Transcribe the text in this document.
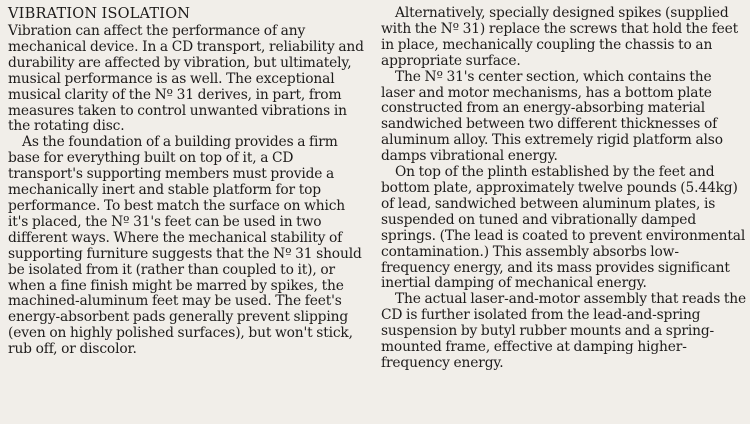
VIBRATION ISOLATION

Vibration can affect the performance of any mechanical device. In a CD transport, reliability and durability are affected by vibration, but ultimately, musical performance is as well. The exceptional musical clarity of the Nº 31 derives, in part, from measures taken to control unwanted vibrations in the rotating disc.

As the foundation of a building provides a firm base for everything built on top of it, a CD transport's supporting members must provide a mechanically inert and stable platform for top performance. To best match the surface on which it's placed, the Nº 31's feet can be used in two different ways. Where the mechanical stability of supporting furniture suggests that the Nº 31 should be isolated from it (rather than coupled to it), or when a fine finish might be marred by spikes, the machined-aluminum feet may be used. The feet's energy-absorbent pads generally prevent slipping (even on highly polished surfaces), but won't stick, rub off, or discolor.

Alternatively, specially designed spikes (supplied with the Nº 31) replace the screws that hold the feet in place, mechanically coupling the chassis to an appropriate surface.

The Nº 31's center section, which contains the laser and motor mechanisms, has a bottom plate constructed from an energy-absorbing material sandwiched between two different thicknesses of aluminum alloy. This extremely rigid platform also damps vibrational energy.

On top of the plinth established by the feet and bottom plate, approximately twelve pounds (5.44kg) of lead, sandwiched between aluminum plates, is suspended on tuned and vibrationally damped springs. (The lead is coated to prevent environmental contamination.) This assembly absorbs low-frequency energy, and its mass provides significant inertial damping of mechanical energy.

The actual laser-and-motor assembly that reads the CD is further isolated from the lead-and-spring suspension by butyl rubber mounts and a spring-mounted frame, effective at damping higher-frequency energy.
